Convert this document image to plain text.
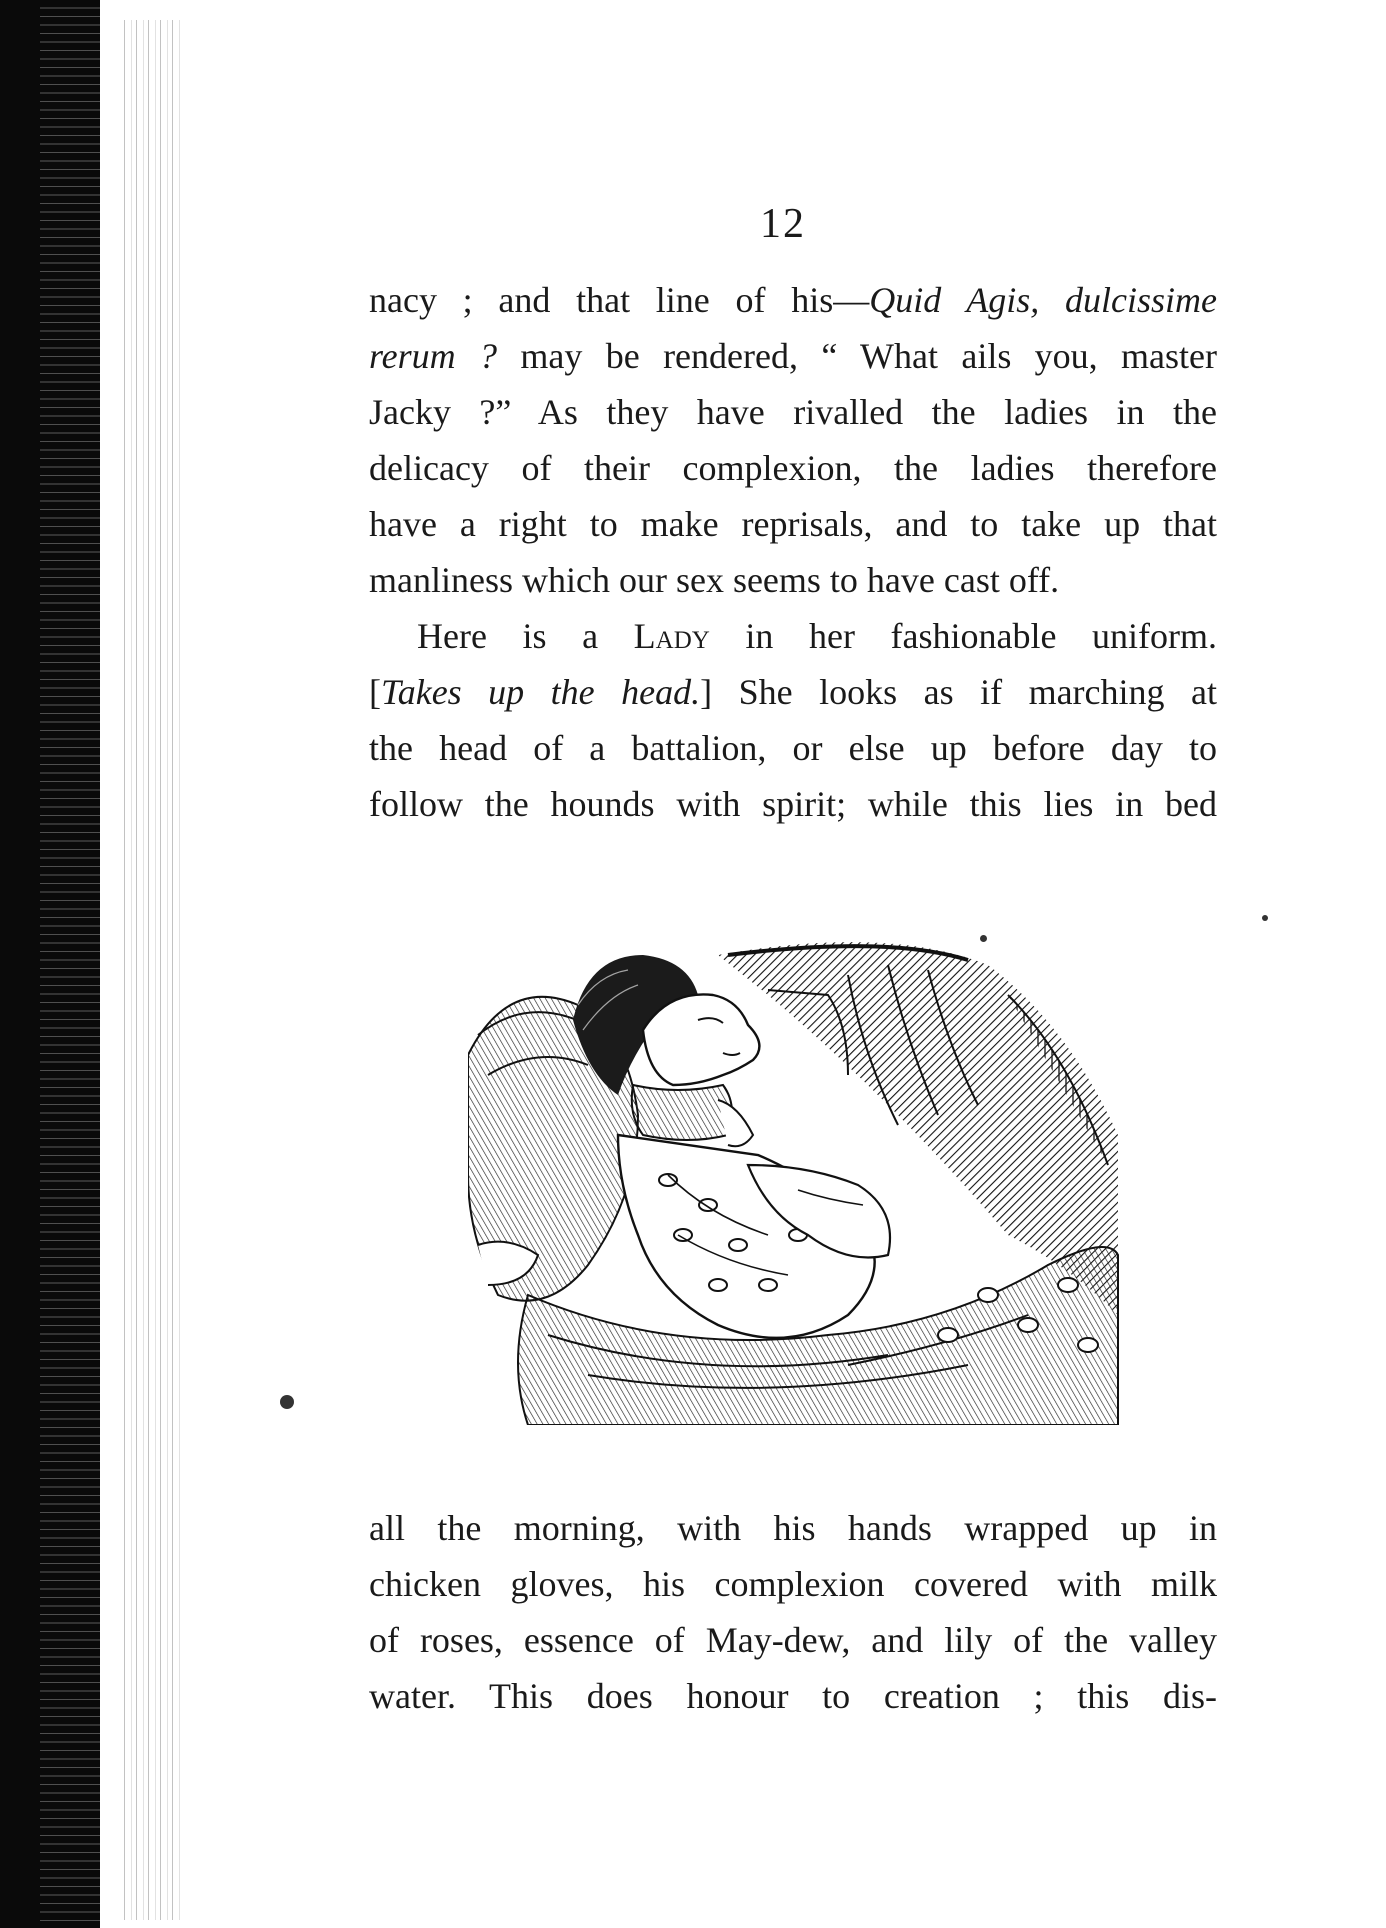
12
nacy ; and that line of his—Quid Agis, dulcissime
rerum ? may be rendered, “ What ails you, master
Jacky ?” As they have rivalled the ladies in the
delicacy of their complexion, the ladies therefore
have a right to make reprisals, and to take up that
manliness which our sex seems to have cast off.
Here is a Lady in her fashionable uniform.
[Takes up the head.] She looks as if marching at
the head of a battalion, or else up before day to
follow the hounds with spirit; while this lies in bed
all the morning, with his hands wrapped up in
chicken gloves, his complexion covered with milk
of roses, essence of May-dew, and lily of the valley
water. This does honour to creation ; this dis-
